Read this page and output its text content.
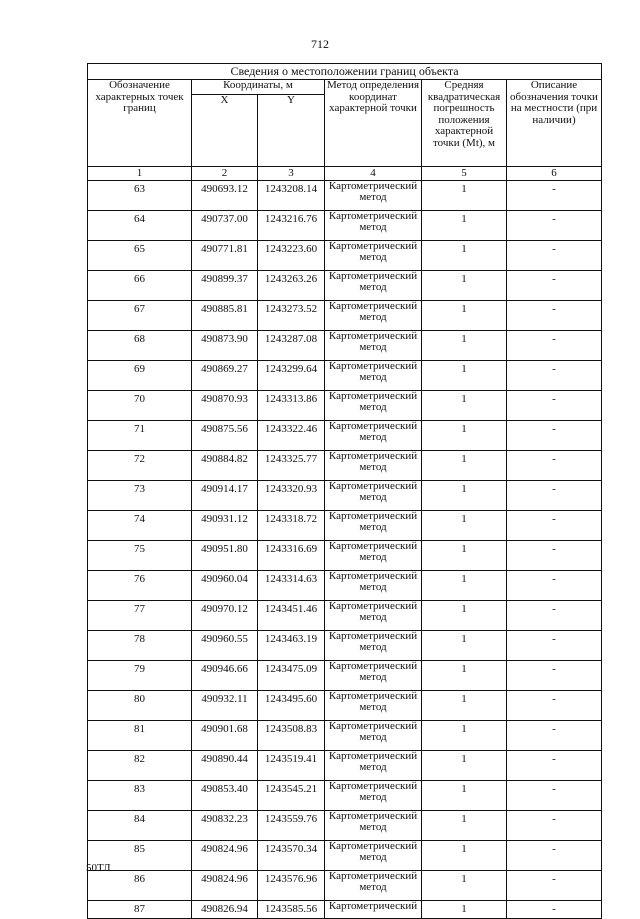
712
Сведения о местоположении границ объекта					
Обозначение характерных точек границ	Координаты, м		Метод определения координат характерной точки	Средняя квадратическая погрешность положения характерной точки (Mt), м	Описание обозначения точки на местности (при наличии)
	X	Y			
1	2	3	4	5	6
63	490693.12	1243208.14	Картометрический метод	1	-
64	490737.00	1243216.76	Картометрический метод	1	-
65	490771.81	1243223.60	Картометрический метод	1	-
66	490899.37	1243263.26	Картометрический метод	1	-
67	490885.81	1243273.52	Картометрический метод	1	-
68	490873.90	1243287.08	Картометрический метод	1	-
69	490869.27	1243299.64	Картометрический метод	1	-
70	490870.93	1243313.86	Картометрический метод	1	-
71	490875.56	1243322.46	Картометрический метод	1	-
72	490884.82	1243325.77	Картометрический метод	1	-
73	490914.17	1243320.93	Картометрический метод	1	-
74	490931.12	1243318.72	Картометрический метод	1	-
75	490951.80	1243316.69	Картометрический метод	1	-
76	490960.04	1243314.63	Картометрический метод	1	-
77	490970.12	1243451.46	Картометрический метод	1	-
78	490960.55	1243463.19	Картометрический метод	1	-
79	490946.66	1243475.09	Картометрический метод	1	-
80	490932.11	1243495.60	Картометрический метод	1	-
81	490901.68	1243508.83	Картометрический метод	1	-
82	490890.44	1243519.41	Картометрический метод	1	-
83	490853.40	1243545.21	Картометрический метод	1	-
84	490832.23	1243559.76	Картометрический метод	1	-
85	490824.96	1243570.34	Картометрический метод	1	-
86	490824.96	1243576.96	Картометрический метод	1	-
87	490826.94	1243585.56	Картометрический	1	-
50ТЛ
